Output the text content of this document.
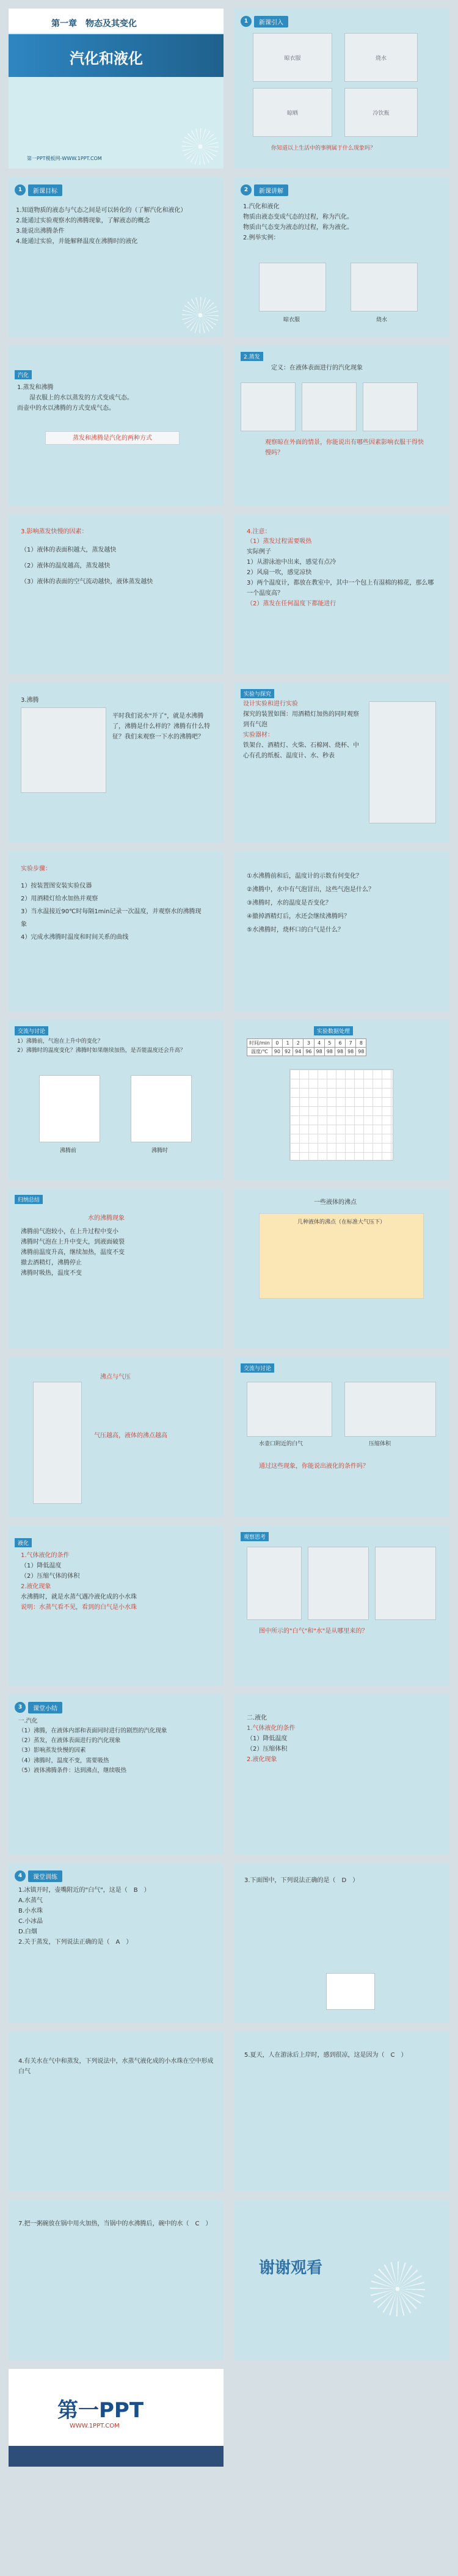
第一章　物态及其变化
汽化和液化
第一PPT模板网-WWW.1PPT.COM
1	新课引入
晾衣服	烧水
晾晒	冷饮瓶
你知道以上生活中的事例属于什么现象吗？
1	新课目标
1.知道物质的液态与气态之间是可以转化的（了解汽化和液化）
2.能通过实验观察水的沸腾现象，了解液态的概念
3.能说出沸腾条件
4.能通过实验，并能解释温度在沸腾时的液化
2	新课讲解
1.汽化和液化
物质由液态变成气态的过程，称为汽化。
物质由气态变为液态的过程，称为液化。
2.例举实例：
晾衣服	烧水
汽化
1.蒸发和沸腾
湿衣服上的水以蒸发的方式变成气态。
而壶中的水以沸腾的方式变成气态。
蒸发和沸腾是汽化的两种方式
2.蒸发
定义：在液体表面进行的汽化现象
观察晾在外面的情景，你能说出有哪些因素影响衣服干得快慢吗？
3.影响蒸发快慢的因素：
（1）液体的表面积越大，蒸发越快
（2）液体的温度越高，蒸发越快
（3）液体的表面的空气流动越快，液体蒸发越快
4.注意：
（1）蒸发过程需要吸热
实际例子
1）从游泳池中出来，感觉有点冷
2）风扇一吹，感觉凉快
3）两个温度计，都放在教室中，其中一个包上有湿棉的棉花，那么哪一个温度高？
（2）蒸发在任何温度下都能进行
3.沸腾
平时我们说水"开了"，就是水沸腾了，沸腾是什么样的？沸腾有什么特征？我们来观察一下水的沸腾吧？
实验与探究
设计实验和进行实验
探究的装置如图：用酒精灯加热的同时观察到有气泡
实验器材：
铁架台、酒精灯、火柴、石棉网、烧杯、中心有孔的纸板、温度计、水、秒表
实验步骤：
1）按装置图安装实验仪器
2）用酒精灯给水加热并观察
3）当水温接近90℃时每隔1min记录一次温度，并观察水的沸腾现象
4）完成水沸腾时温度和时间关系的曲线
①水沸腾前和后，温度计的示数有何变化？
②沸腾中，水中有气泡冒出，这些气泡是什么？
③沸腾时，水的温度是否变化？
④撤掉酒精灯后，水还会继续沸腾吗？
⑤水沸腾时，烧杯口的白气是什么？
交流与讨论
1）沸腾前，气泡在上升中的变化？
2）沸腾时的温度变化？沸腾时如果继续加热，是否能温度还会升高？
沸腾前	沸腾时
实验数据处理
时间/min	0	1	2	3	4	5	6	7	8
温度/℃	90	92	94	96	98	98	98	98	98
归纳总结
水的沸腾现象
沸腾前气泡较小，在上升过程中变小
沸腾时气泡在上升中变大，到液面破裂
沸腾前温度升高，继续加热，温度不变
撤去酒精灯，沸腾停止
沸腾时吸热，温度不变
一些液体的沸点
几种液体的沸点（在标准大气压下）
沸点与气压
气压越高，液体的沸点越高
交流与讨论
水壶口附近的白气	压缩体积
通过这些现象，你能说出液化的条件吗？
液化
1.气体液化的条件
（1）降低温度
（2）压缩气体的体积
2.液化现象
水沸腾时，就是水蒸气遇冷液化成的小水珠
说明：水蒸气看不见，看到的白气是小水珠
观察思考
图中所示的"白气"和"水"是从哪里来的？
3	课堂小结
一.汽化
（1）沸腾，在液体内部和表面同时进行的剧烈的汽化现象
（2）蒸发，在液体表面进行的汽化现象
（3）影响蒸发快慢的因素
（4）沸腾时，温度不变，需要吸热
（5）液体沸腾条件：达到沸点，继续吸热
二.液化
1.气体液化的条件
（1）降低温度
（2）压缩体积
2.液化现象
4	课堂训练
1.冰镇开时，壶嘴附近的"白气"，这是（　B　）
A.水蒸气
B.小水珠
C.小冰晶
D.白烟
2.关于蒸发，下列说法正确的是（　A　）
3.下面图中，下列说法正确的是（　D　）
4.有关水在气中和蒸发，下列说法中，水蒸气液化成的小水珠在空中形成白气
5.夏天，人在游泳后上岸时，感到很凉，这是因为（　C　）
7.把一粥碗放在锅中用火加热，当锅中的水沸腾后，碗中的水（　C　）
谢谢观看
第一PPT
WWW.1PPT.COM
